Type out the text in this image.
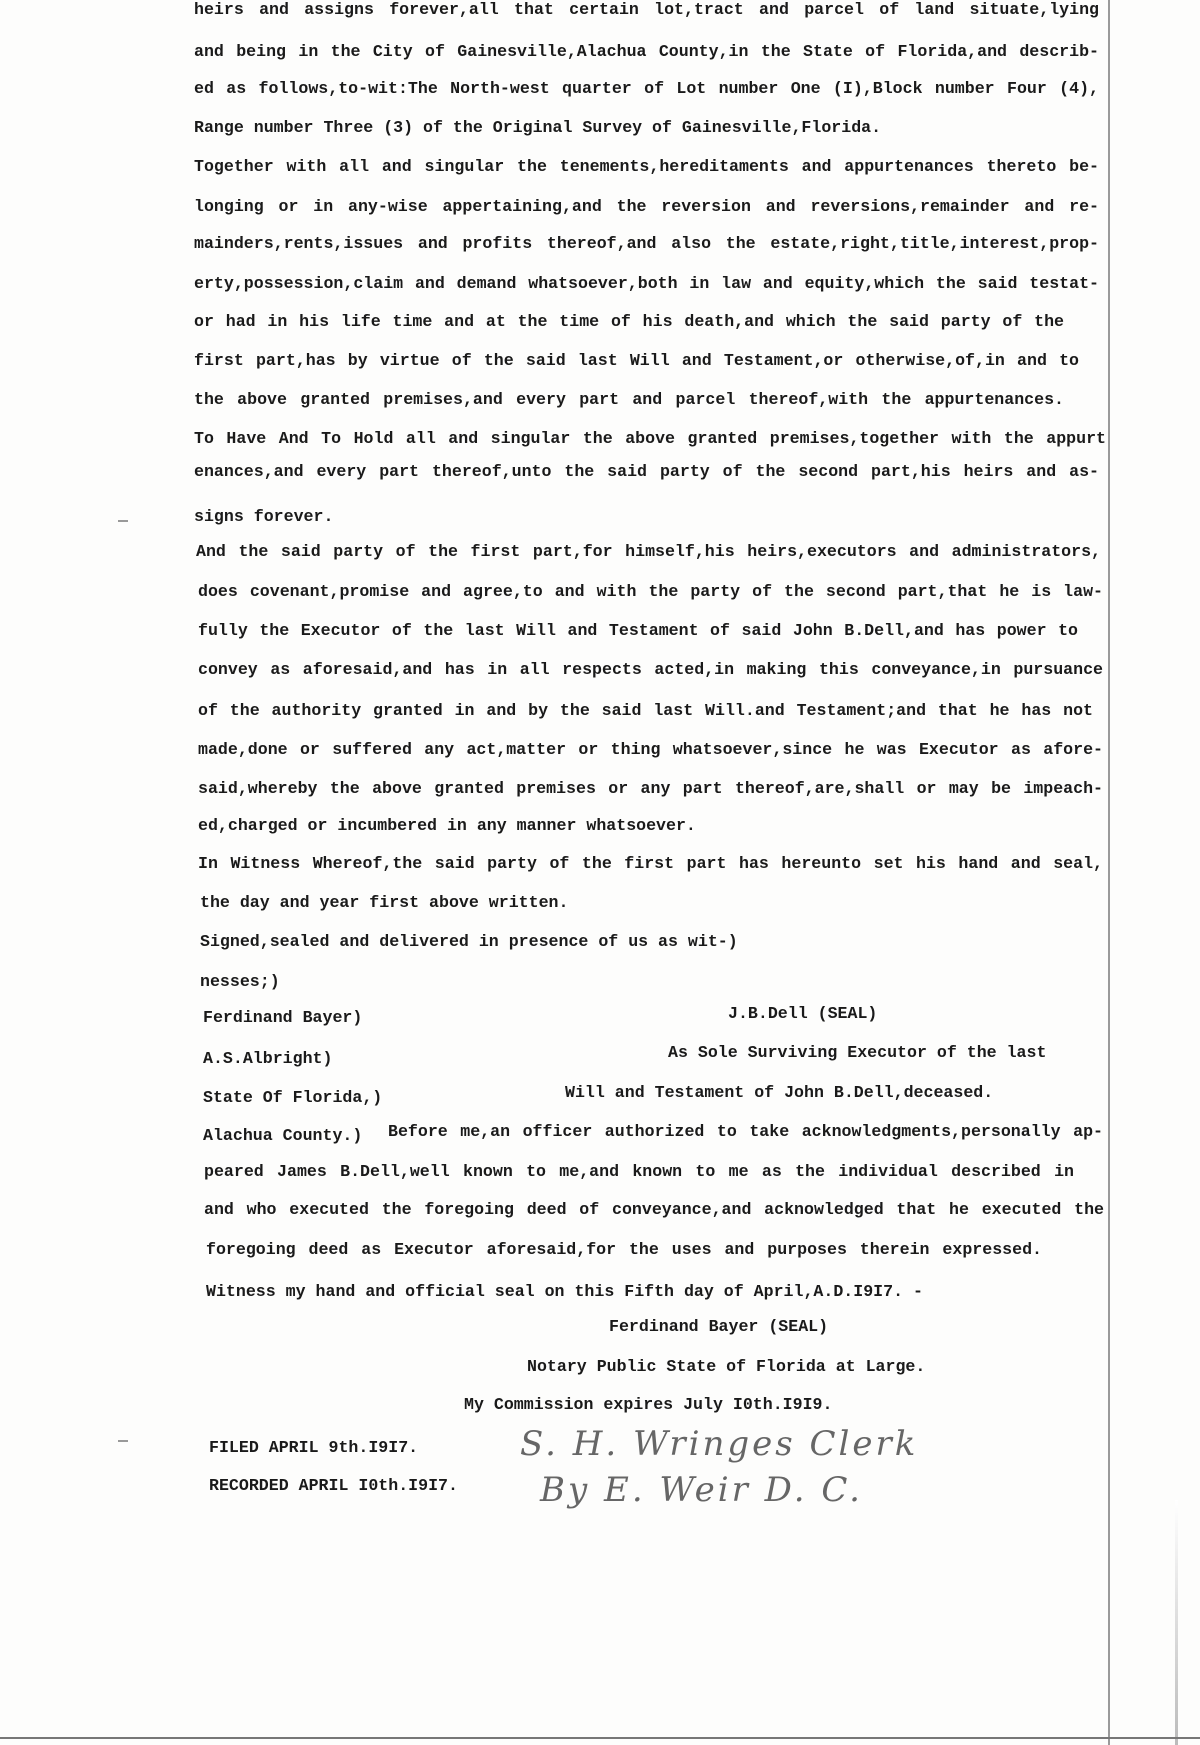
heirs and assigns forever,all that certain lot,tract and parcel of land situate,lying
and being in the City of Gainesville,Alachua County,in the State of Florida,and describ-
ed as follows,to-wit:The North-west quarter of Lot number One (I),Block number Four (4),
Range number Three (3) of the Original Survey of Gainesville,Florida.
Together with all and singular the tenements,hereditaments and appurtenances thereto be-
longing or in any-wise appertaining,and the reversion and reversions,remainder and re-
mainders,rents,issues and profits thereof,and also the estate,right,title,interest,prop-
erty,possession,claim and demand whatsoever,both in law and equity,which the said testat-
or had in his life time and at the time of his death,and which the said party of the
first part,has by virtue of the said last Will and Testament,or otherwise,of,in and to
the above granted premises,and every part and parcel thereof,with the appurtenances.
To Have And To Hold all and singular the above granted premises,together with the appurt
enances,and every part thereof,unto the said party of the second part,his heirs and as-
signs forever.
And the said party of the first part,for himself,his heirs,executors and administrators,
does covenant,promise and agree,to and with the party of the second part,that he is law-
fully the Executor of the last Will and Testament of said John B.Dell,and has power to
convey as aforesaid,and has in all respects acted,in making this conveyance,in pursuance
of the authority granted in and by the said last Will.and Testament;and that he has not
made,done or suffered any act,matter or thing whatsoever,since he was Executor as afore-
said,whereby the above granted premises or any part thereof,are,shall or may be impeach-
ed,charged or incumbered in any manner whatsoever.
In Witness Whereof,the said party of the first part has hereunto set his hand and seal,
the day and year first above written.
Signed,sealed and delivered in presence of us as wit-)
nesses;)
Ferdinand Bayer)	J.B.Dell (SEAL)
A.S.Albright)	As Sole Surviving Executor of the last
State Of Florida,)	Will and Testament of John B.Dell,deceased.
Alachua County.) Before me,an officer authorized to take acknowledgments,personally ap-
peared James B.Dell,well known to me,and known to me as the individual described in
and who executed the foregoing deed of conveyance,and acknowledged that he executed the
foregoing deed as Executor aforesaid,for the uses and purposes therein expressed.
Witness my hand and official seal on this Fifth day of April,A.D.I9I7. -
Ferdinand Bayer (SEAL)
Notary Public State of Florida at Large.
My Commission expires July I0th.I9I9.
FILED APRIL 9th.I9I7.
RECORDED APRIL I0th.I9I7.
S. H. Wringes Clerk
By E. Weir D. C.
